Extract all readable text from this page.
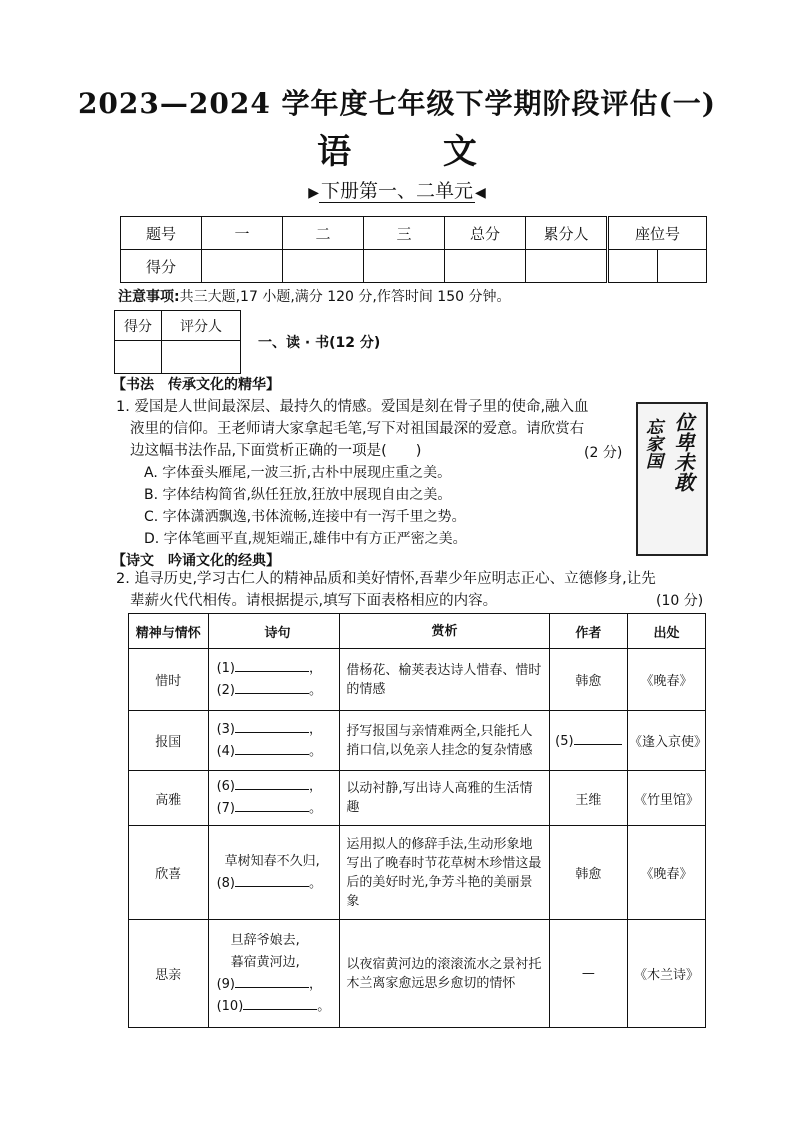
2023—2024 学年度七年级下学期阶段评估(一)
语 文
▶ 下册第一、二单元 ◀
题号	一	二	三	总分	累分人
得分					
座位号

注意事项:共三大题,17 小题,满分 120 分,作答时间 150 分钟。
得分	评分人

一、读 · 书(12 分)
【书法　传承文化的精华】
1. 爱国是人世间最深层、最持久的情感。爱国是刻在骨子里的使命,融入血
液里的信仰。王老师请大家拿起毛笔,写下对祖国最深的爱意。请欣赏右
边这幅书法作品,下面赏析正确的一项是(　　)	(2 分)
A. 字体蚕头雁尾,一波三折,古朴中展现庄重之美。
B. 字体结构简省,纵任狂放,狂放中展现自由之美。
C. 字体潇洒飘逸,书体流畅,连接中有一泻千里之势。
D. 字体笔画平直,规矩端正,雄伟中有方正严密之美。
忘家国 位卑未敢
【诗文　吟诵文化的经典】
2. 追寻历史,学习古仁人的精神品质和美好情怀,吾辈少年应明志正心、立德修身,让先
辈薪火代代相传。请根据提示,填写下面表格相应的内容。	(10 分)
精神与情怀	诗句	赏析	作者	出处
惜时	(1) ，
(2) 。	借杨花、榆荚表达诗人惜春、惜时的情感	韩愈	《晚春》
报国	(3) ，
(4) 。	抒写报国与亲情难两全,只能托人捎口信,以免亲人挂念的复杂情感	(5)	《逢入京使》
高雅	(6) ，
(7) 。	以动衬静,写出诗人高雅的生活情趣	王维	《竹里馆》
欣喜	草树知春不久归,
(8) 。	运用拟人的修辞手法,生动形象地写出了晚春时节花草树木珍惜这最后的美好时光,争芳斗艳的美丽景象	韩愈	《晚春》
思亲	旦辞爷娘去,
暮宿黄河边,
(9) ，
(10) 。	以夜宿黄河边的滚滚流水之景衬托木兰离家愈远思乡愈切的情怀	—	《木兰诗》
